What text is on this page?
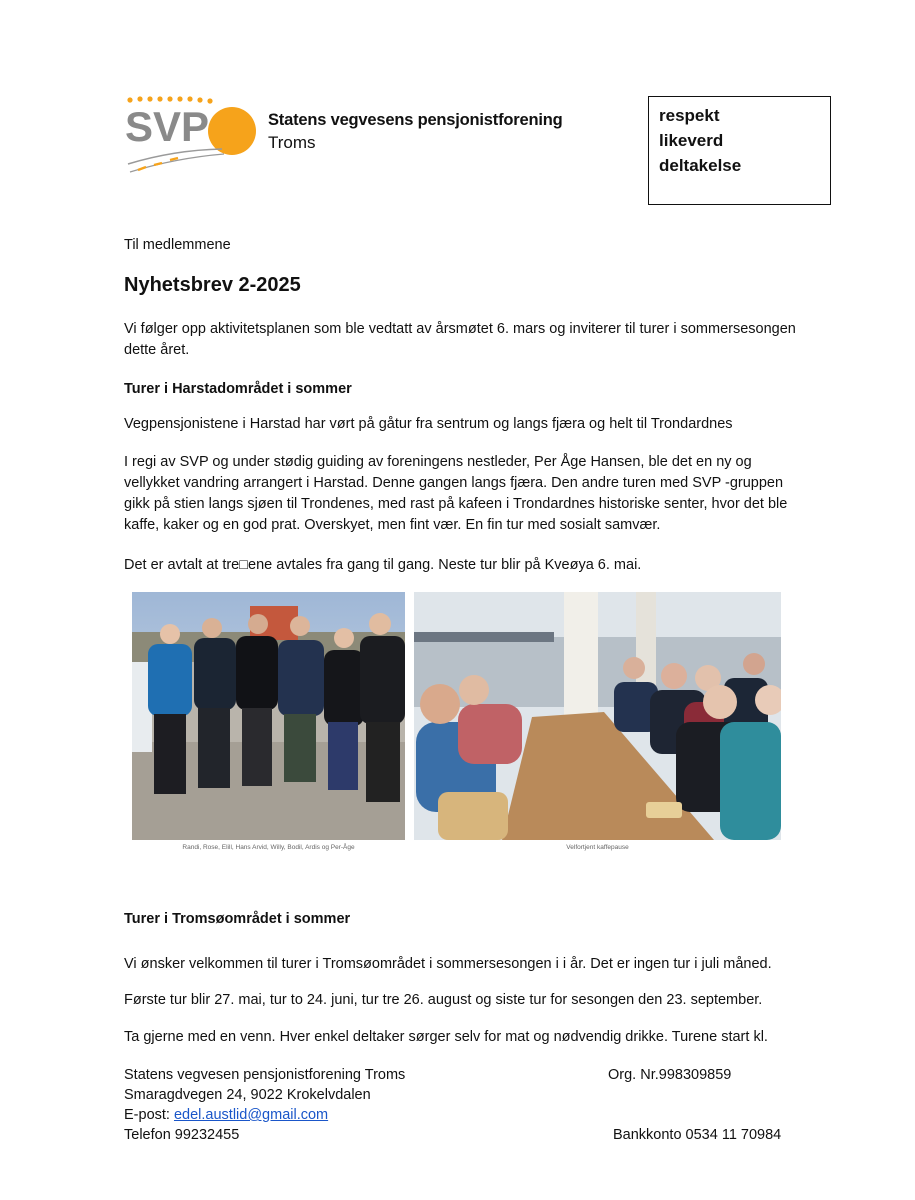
SVP	Statens vegvesens pensjonistforening
Troms
respekt
likeverd
deltakelse
Til medlemmene
Nyhetsbrev 2-2025
Vi følger opp aktivitetsplanen som ble vedtatt av årsmøtet 6. mars og inviterer til turer i sommersesongen dette året.
Turer i Harstadområdet i sommer
Vegpensjonistene i Harstad har vørt på gåtur fra sentrum og langs fjæra og helt til Trondardnes
I regi av SVP og under stødig guiding av foreningens nestleder, Per Åge Hansen, ble det en ny og vellykket vandring arrangert i Harstad. Denne gangen langs fjæra. Den andre turen med SVP -gruppen gikk på stien langs sjøen til Trondenes, med rast på kafeen i Trondardnes historiske senter, hvor det ble kaffe, kaker og en god prat. Overskyet, men fint vær. En fin tur med sosialt samvær.
Det er avtalt at tre□ene avtales fra gang til gang. Neste tur blir på Kveøya 6. mai.
Randi, Rose, Elill, Hans Arvid, Willy, Bodil, Ardis og Per-Åge	Velfortjent kaffepause
Turer i Tromsøområdet i sommer
Vi ønsker velkommen til turer i Tromsøområdet i sommersesongen i i år. Det er ingen tur i juli måned.
Første tur blir 27. mai, tur to 24. juni, tur tre 26. august og siste tur for sesongen den 23. september.
Ta gjerne med en venn. Hver enkel deltaker sørger selv for mat og nødvendig drikke. Turene start kl.
Statens vegvesen pensjonistforening Troms
Smaragdvegen 24, 9022 Krokelvdalen
E-post: edel.austlid@gmail.com
Telefon 99232455
Org. Nr.998309859
Bankkonto 0534 11 70984
